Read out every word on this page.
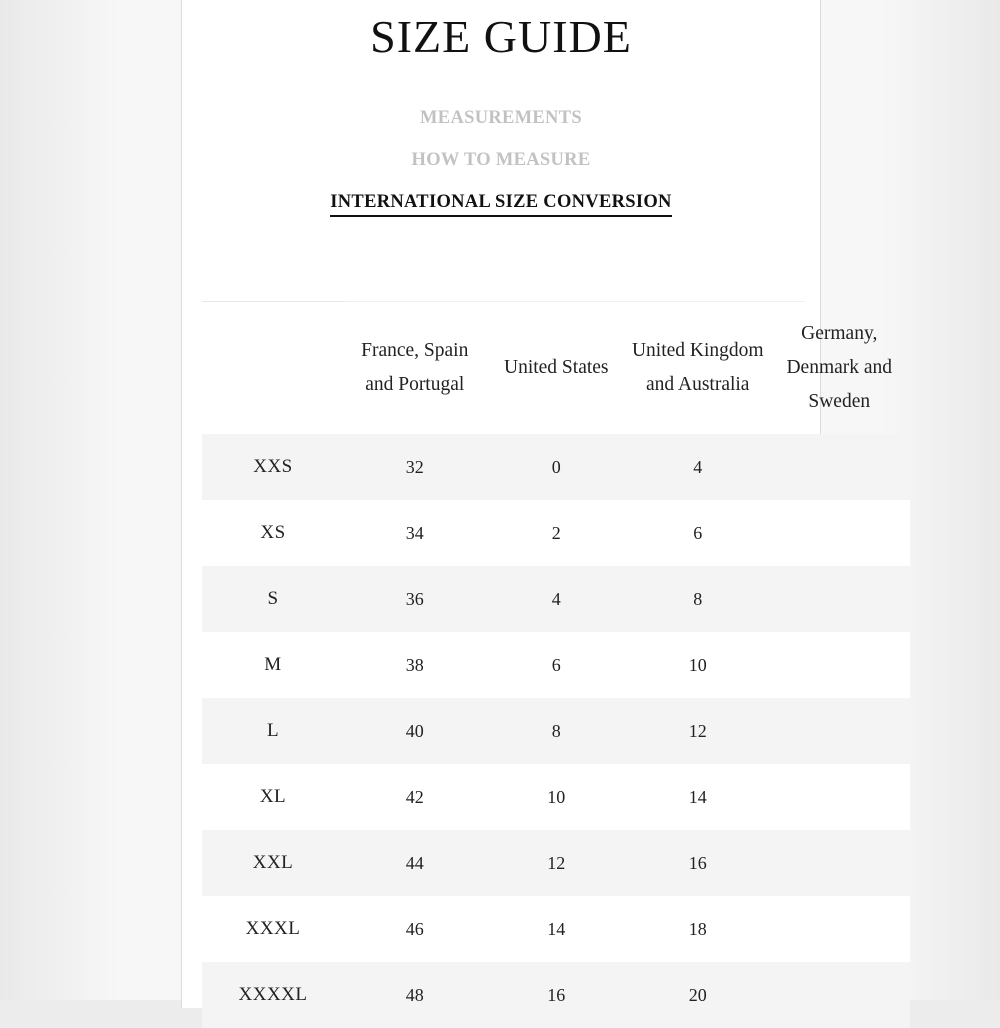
SIZE GUIDE
MEASUREMENTS
HOW TO MEASURE
INTERNATIONAL SIZE CONVERSION
	France, Spain and Portugal	United States	United Kingdom and Australia	Germany, Denmark and Sweden
XXS	32	0	4	
XS	34	2	6	
S	36	4	8	
M	38	6	10	
L	40	8	12	
XL	42	10	14	
XXL	44	12	16	
XXXL	46	14	18	
XXXXL	48	16	20	
